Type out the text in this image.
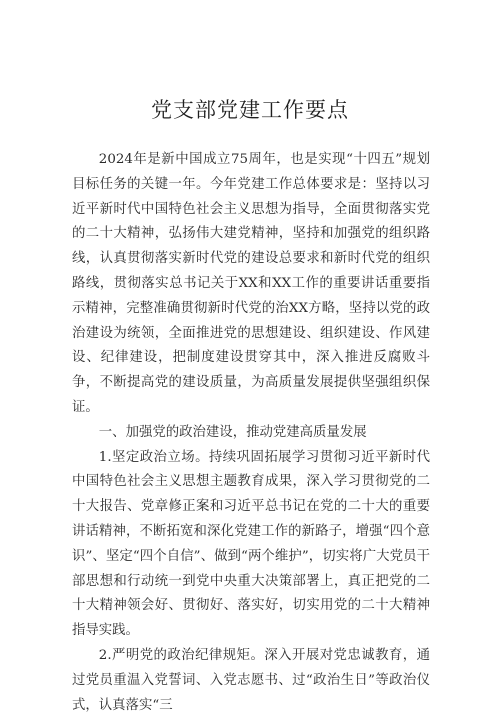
党支部党建工作要点

2024年是新中国成立75周年，也是实现“十四五”规划目标任务的关键一年。今年党建工作总体要求是：坚持以习近平新时代中国特色社会主义思想为指导，全面贯彻落实党的二十大精神，弘扬伟大建党精神，坚持和加强党的组织路线，认真贯彻落实新时代党的建设总要求和新时代党的组织路线，贯彻落实总书记关于XX和XX工作的重要讲话重要指示精神，完整准确贯彻新时代党的治XX方略，坚持以党的政治建设为统领，全面推进党的思想建设、组织建设、作风建设、纪律建设，把制度建设贯穿其中，深入推进反腐败斗争，不断提高党的建设质量，为高质量发展提供坚强组织保证。

一、加强党的政治建设，推动党建高质量发展

1.坚定政治立场。持续巩固拓展学习贯彻习近平新时代中国特色社会主义思想主题教育成果，深入学习贯彻党的二十大报告、党章修正案和习近平总书记在党的二十大的重要讲话精神，不断拓宽和深化党建工作的新路子，增强“四个意识”、坚定“四个自信”、做到“两个维护”，切实将广大党员干部思想和行动统一到党中央重大决策部署上，真正把党的二十大精神领会好、贯彻好、落实好，切实用党的二十大精神指导实践。

2.严明党的政治纪律规矩。深入开展对党忠诚教育，通过党员重温入党誓词、入党志愿书、过“政治生日”等政治仪式，认真落实“三
